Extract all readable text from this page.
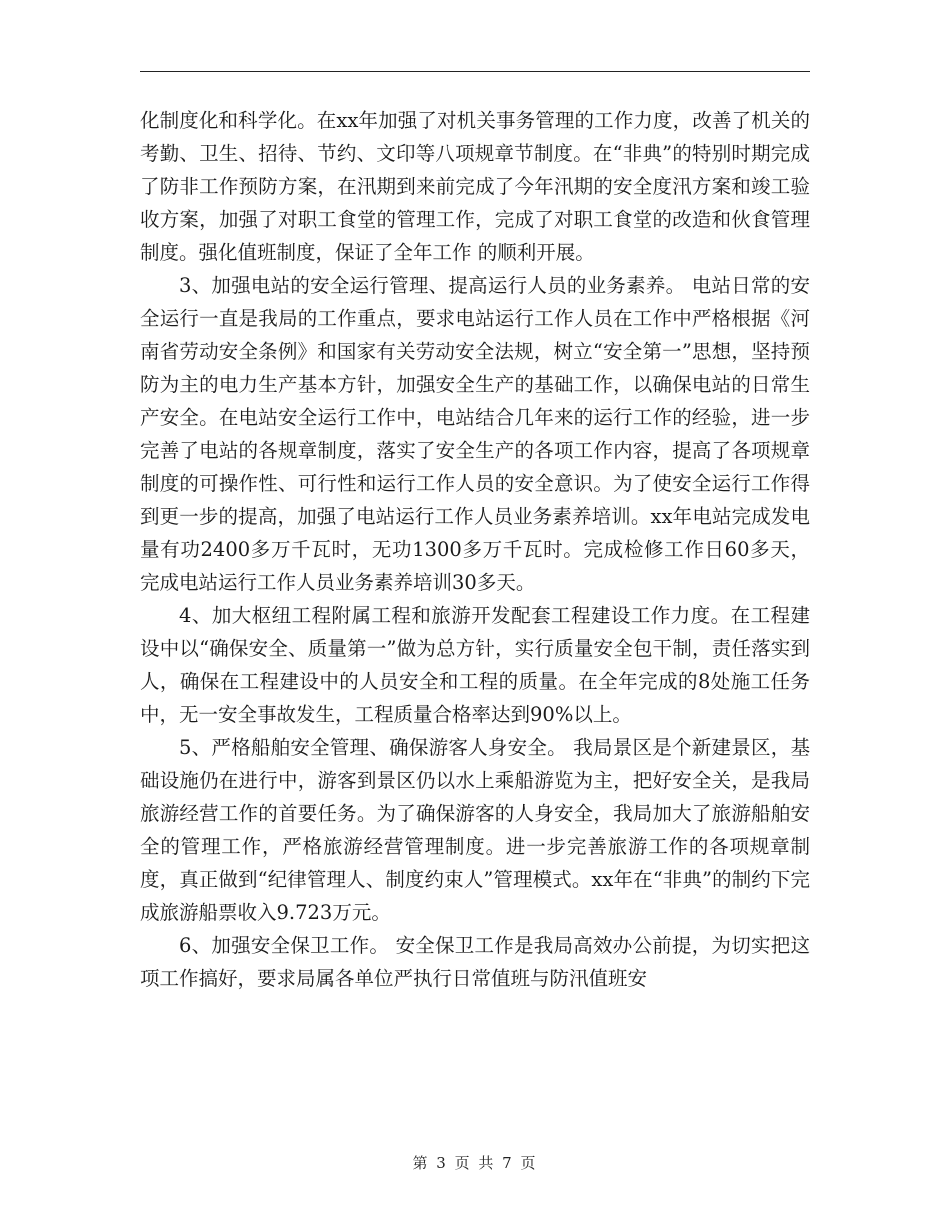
化制度化和科学化。在xx年加强了对机关事务管理的工作力度，改善了机关的考勤、卫生、招待、节约、文印等八项规章节制度。在“非典”的特别时期完成了防非工作预防方案，在汛期到来前完成了今年汛期的安全度汛方案和竣工验收方案，加强了对职工食堂的管理工作，完成了对职工食堂的改造和伙食管理制度。强化值班制度，保证了全年工作 的顺利开展。

3、加强电站的安全运行管理、提高运行人员的业务素养。 电站日常的安全运行一直是我局的工作重点，要求电站运行工作人员在工作中严格根据《河南省劳动安全条例》和国家有关劳动安全法规，树立“安全第一”思想，坚持预防为主的电力生产基本方针，加强安全生产的基础工作，以确保电站的日常生产安全。在电站安全运行工作中，电站结合几年来的运行工作的经验，进一步完善了电站的各规章制度，落实了安全生产的各项工作内容，提高了各项规章制度的可操作性、可行性和运行工作人员的安全意识。为了使安全运行工作得到更一步的提高，加强了电站运行工作人员业务素养培训。xx年电站完成发电量有功2400多万千瓦时，无功1300多万千瓦时。完成检修工作日60多天，完成电站运行工作人员业务素养培训30多天。

4、加大枢纽工程附属工程和旅游开发配套工程建设工作力度。在工程建设中以“确保安全、质量第一”做为总方针，实行质量安全包干制，责任落实到人，确保在工程建设中的人员安全和工程的质量。在全年完成的8处施工任务中，无一安全事故发生，工程质量合格率达到90%以上。

5、严格船舶安全管理、确保游客人身安全。 我局景区是个新建景区，基础设施仍在进行中，游客到景区仍以水上乘船游览为主，把好安全关，是我局旅游经营工作的首要任务。为了确保游客的人身安全，我局加大了旅游船舶安全的管理工作，严格旅游经营管理制度。进一步完善旅游工作的各项规章制度，真正做到“纪律管理人、制度约束人”管理模式。xx年在“非典”的制约下完成旅游船票收入9.723万元。

6、加强安全保卫工作。 安全保卫工作是我局高效办公前提，为切实把这项工作搞好，要求局属各单位严执行日常值班与防汛值班安

第 3 页 共 7 页
